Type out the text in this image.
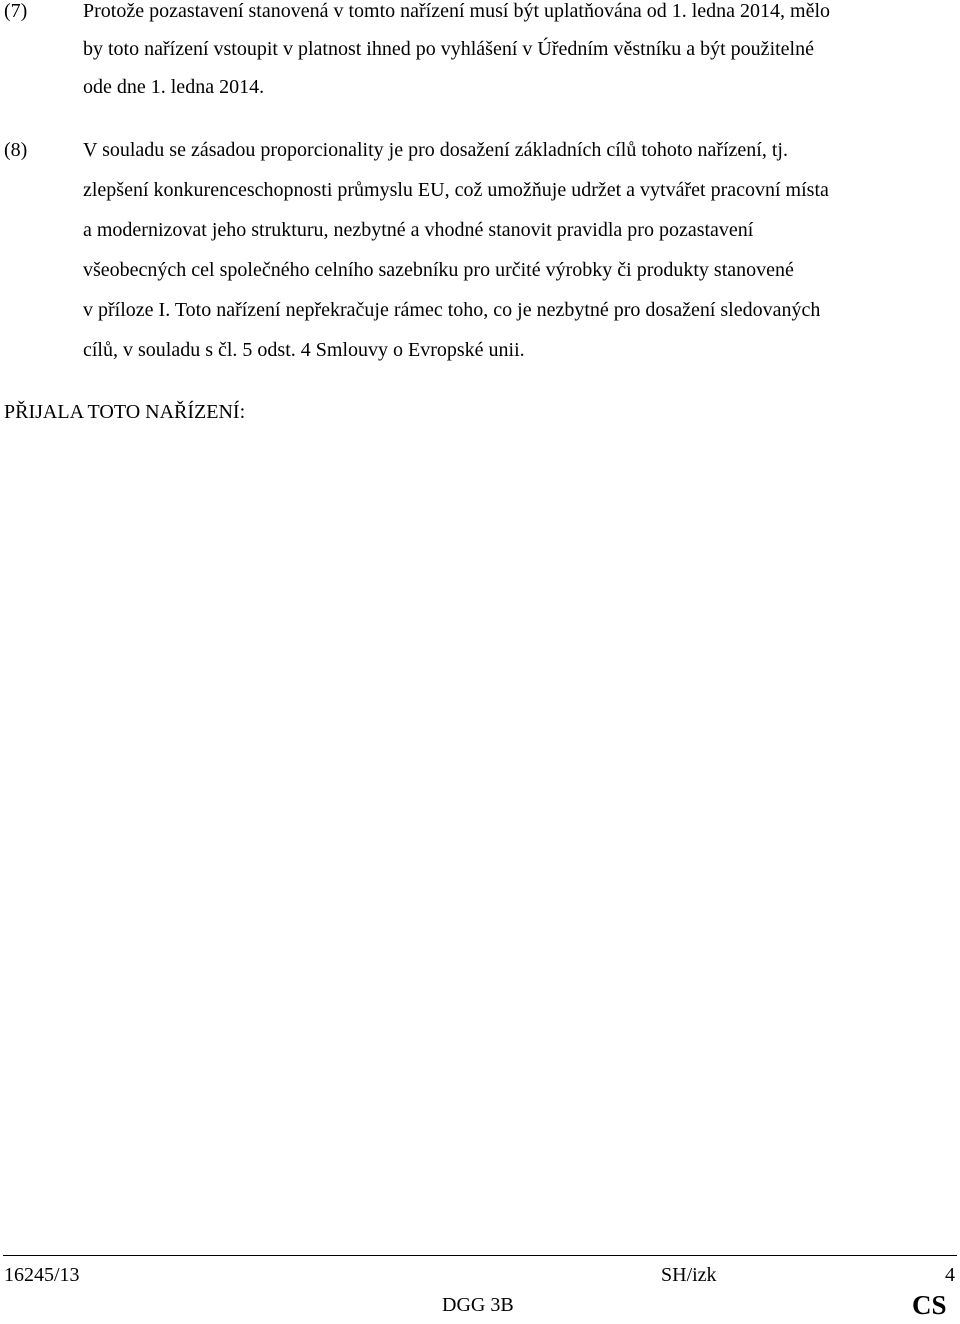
(7)	Protože pozastavení stanovená v tomto nařízení musí být uplatňována od 1. ledna 2014, mělo
by toto nařízení vstoupit v platnost ihned po vyhlášení v Úředním věstníku a být použitelné
ode dne 1. ledna 2014.
(8)	V souladu se zásadou proporcionality je pro dosažení základních cílů tohoto nařízení, tj.
zlepšení konkurenceschopnosti průmyslu EU, což umožňuje udržet a vytvářet pracovní místa
a modernizovat jeho strukturu, nezbytné a vhodné stanovit pravidla pro pozastavení
všeobecných cel společného celního sazebníku pro určité výrobky či produkty stanovené
v příloze I. Toto nařízení nepřekračuje rámec toho, co je nezbytné pro dosažení sledovaných
cílů, v souladu s čl. 5 odst. 4 Smlouvy o Evropské unii.
PŘIJALA TOTO NAŘÍZENÍ:
16245/13	SH/izk	4
DGG 3B	CS
